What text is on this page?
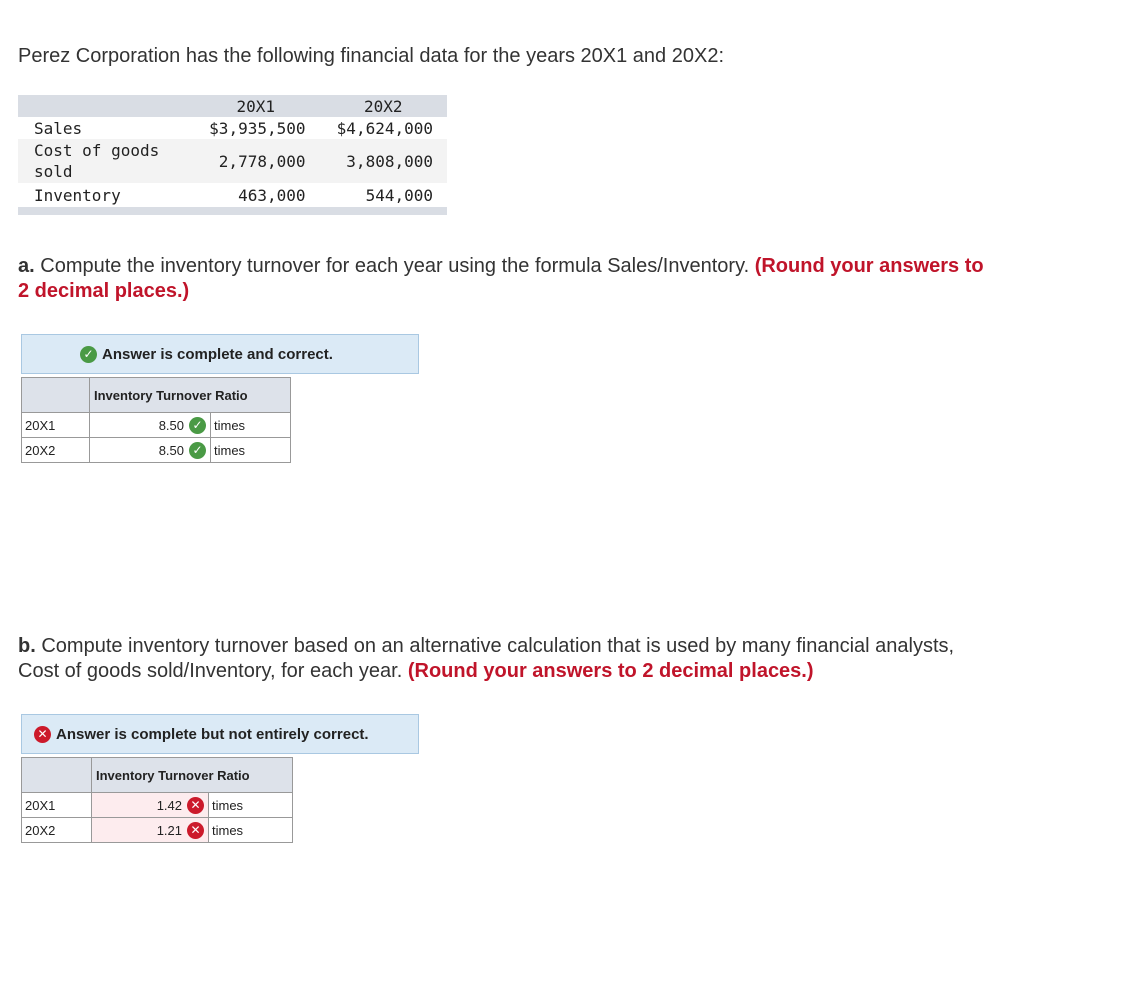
Perez Corporation has the following financial data for the years 20X1 and 20X2:

	20X1	20X2
Sales	$3,935,500	$4,624,000
Cost of goods
sold	2,778,000	3,808,000
Inventory	463,000	544,000

a. Compute the inventory turnover for each year using the formula Sales/Inventory. (Round your answers to
2 decimal places.)

✓ Answer is complete and correct.
	Inventory Turnover Ratio	
20X1	8.50 ✓	times
20X2	8.50 ✓	times

b. Compute inventory turnover based on an alternative calculation that is used by many financial analysts,
Cost of goods sold/Inventory, for each year. (Round your answers to 2 decimal places.)

✕ Answer is complete but not entirely correct.
	Inventory Turnover Ratio	
20X1	1.42 ✕	times
20X2	1.21 ✕	times
